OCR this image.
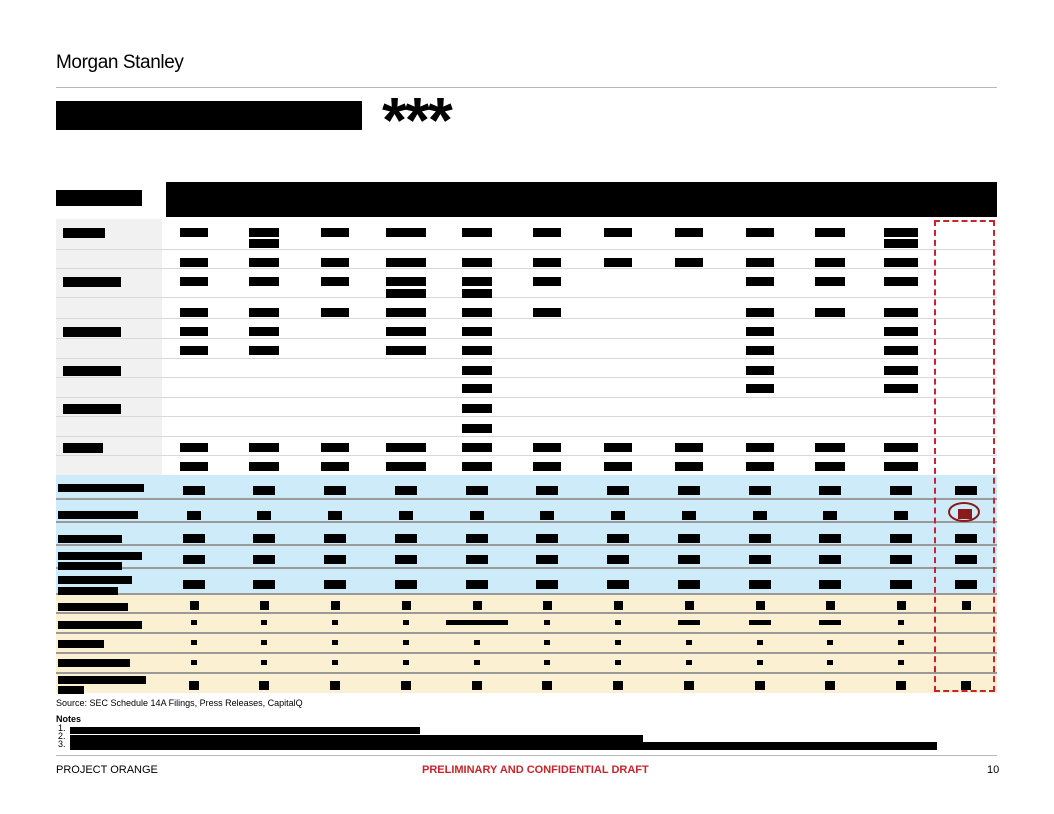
Morgan Stanley
***
Source: SEC Schedule 14A Filings, Press Releases, CapitalQ
Notes
1.
2.
3.
PROJECT ORANGE	PRELIMINARY AND CONFIDENTIAL DRAFT	10
